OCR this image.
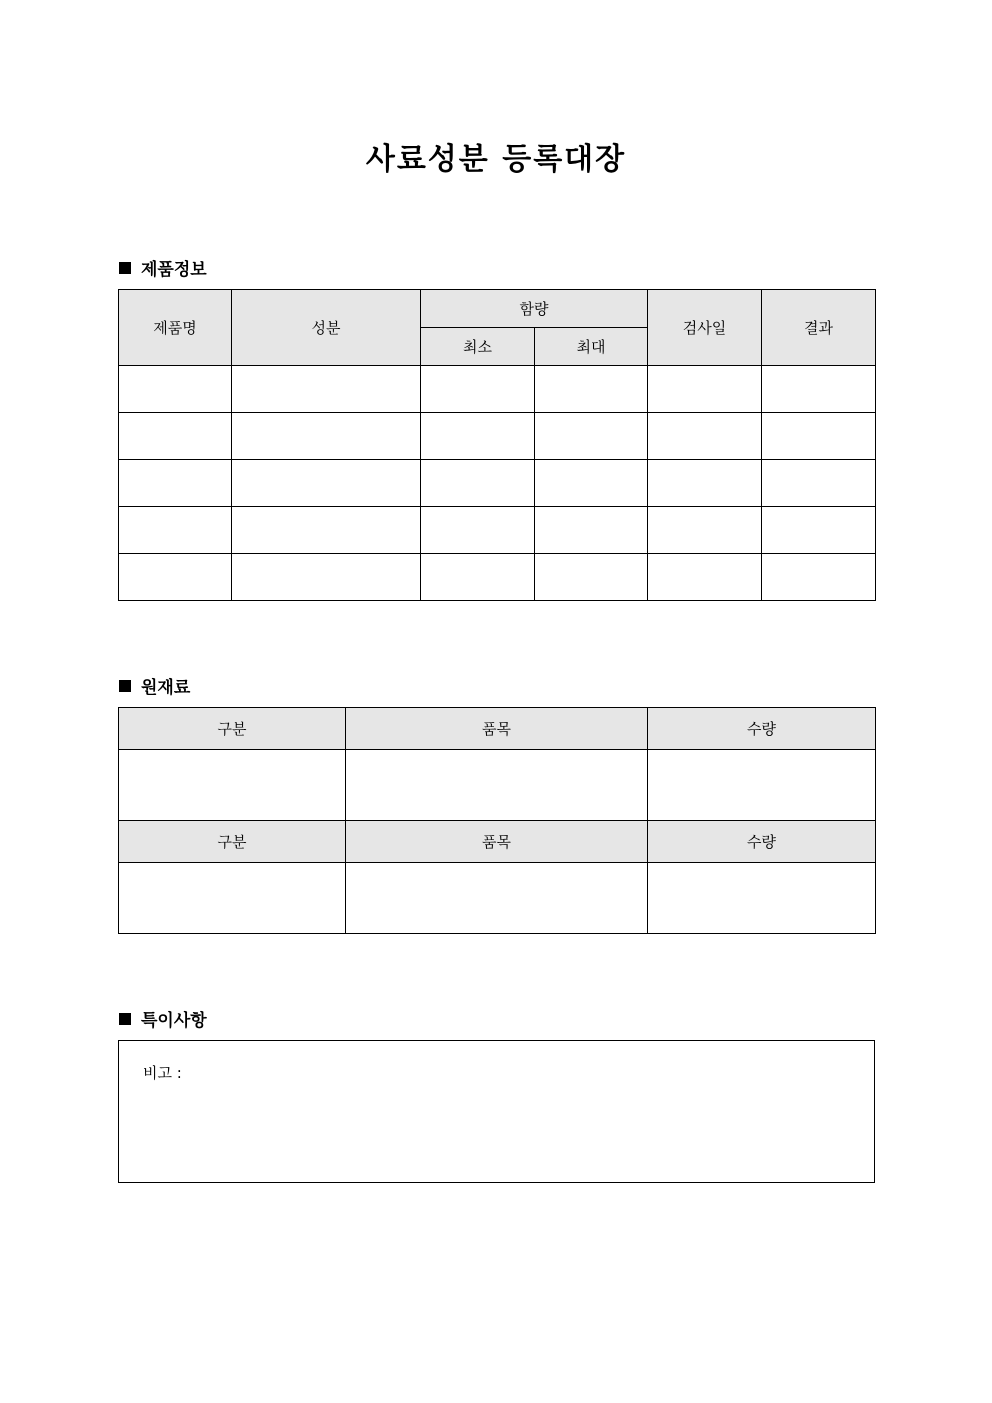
사료성분 등록대장
제품정보
제품명	성분	함량		검사일	결과
		최소	최대		

원재료
구분	품목	수량

구분	품목	수량

특이사항
비고 :
